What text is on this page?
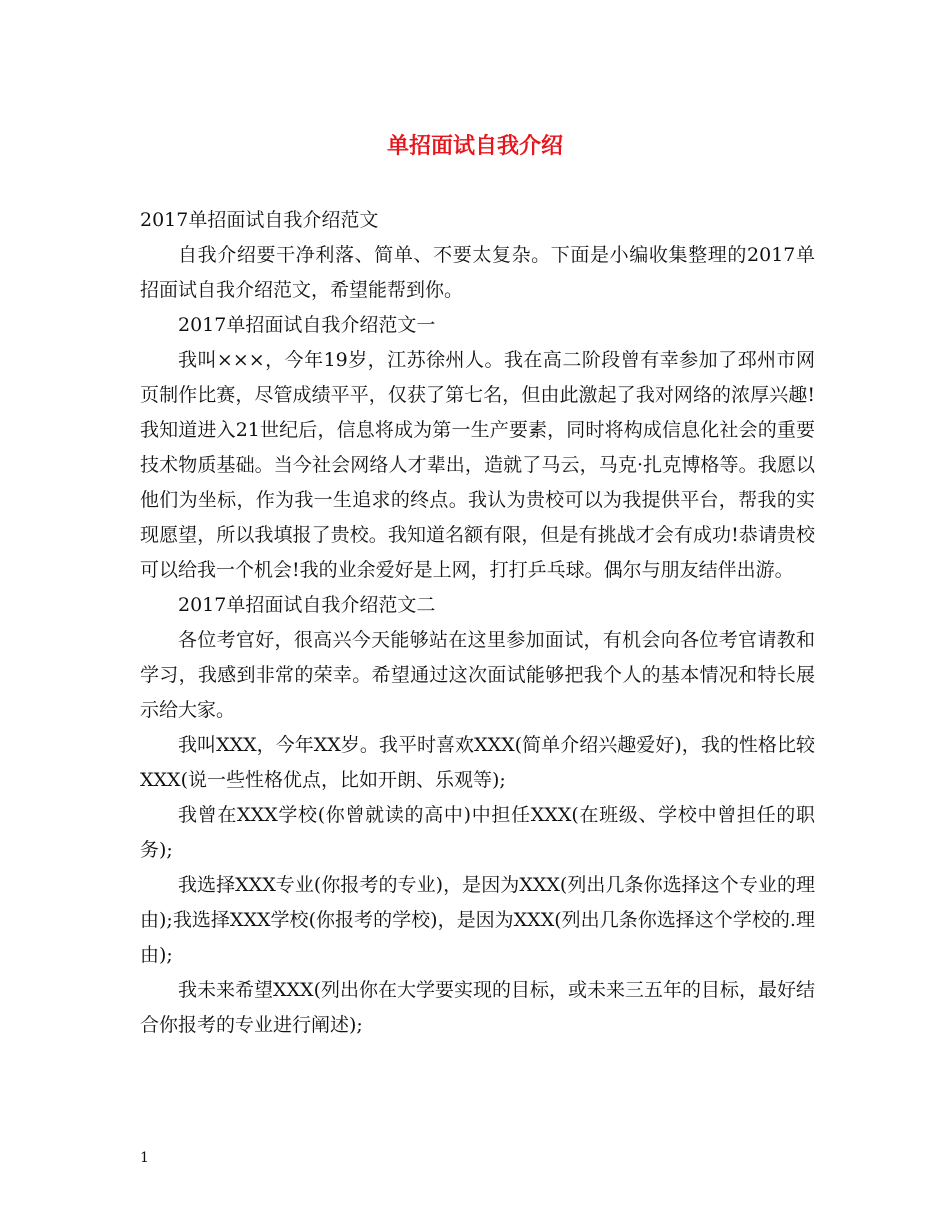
单招面试自我介绍

2017单招面试自我介绍范文

自我介绍要干净利落、简单、不要太复杂。下面是小编收集整理的2017单招面试自我介绍范文，希望能帮到你。

2017单招面试自我介绍范文一

我叫×××，今年19岁，江苏徐州人。我在高二阶段曾有幸参加了邳州市网页制作比赛，尽管成绩平平，仅获了第七名，但由此激起了我对网络的浓厚兴趣!我知道进入21世纪后，信息将成为第一生产要素，同时将构成信息化社会的重要技术物质基础。当今社会网络人才辈出，造就了马云，马克·扎克博格等。我愿以他们为坐标，作为我一生追求的终点。我认为贵校可以为我提供平台，帮我的实现愿望，所以我填报了贵校。我知道名额有限，但是有挑战才会有成功!恭请贵校可以给我一个机会!我的业余爱好是上网，打打乒乓球。偶尔与朋友结伴出游。

2017单招面试自我介绍范文二

各位考官好，很高兴今天能够站在这里参加面试，有机会向各位考官请教和学习，我感到非常的荣幸。希望通过这次面试能够把我个人的基本情况和特长展示给大家。

我叫XXX，今年XX岁。我平时喜欢XXX(简单介绍兴趣爱好)，我的性格比较XXX(说一些性格优点，比如开朗、乐观等);

我曾在XXX学校(你曾就读的高中)中担任XXX(在班级、学校中曾担任的职务);

我选择XXX专业(你报考的专业)，是因为XXX(列出几条你选择这个专业的理由);我选择XXX学校(你报考的学校)，是因为XXX(列出几条你选择这个学校的.理由);

我未来希望XXX(列出你在大学要实现的目标，或未来三五年的目标，最好结合你报考的专业进行阐述);

1
